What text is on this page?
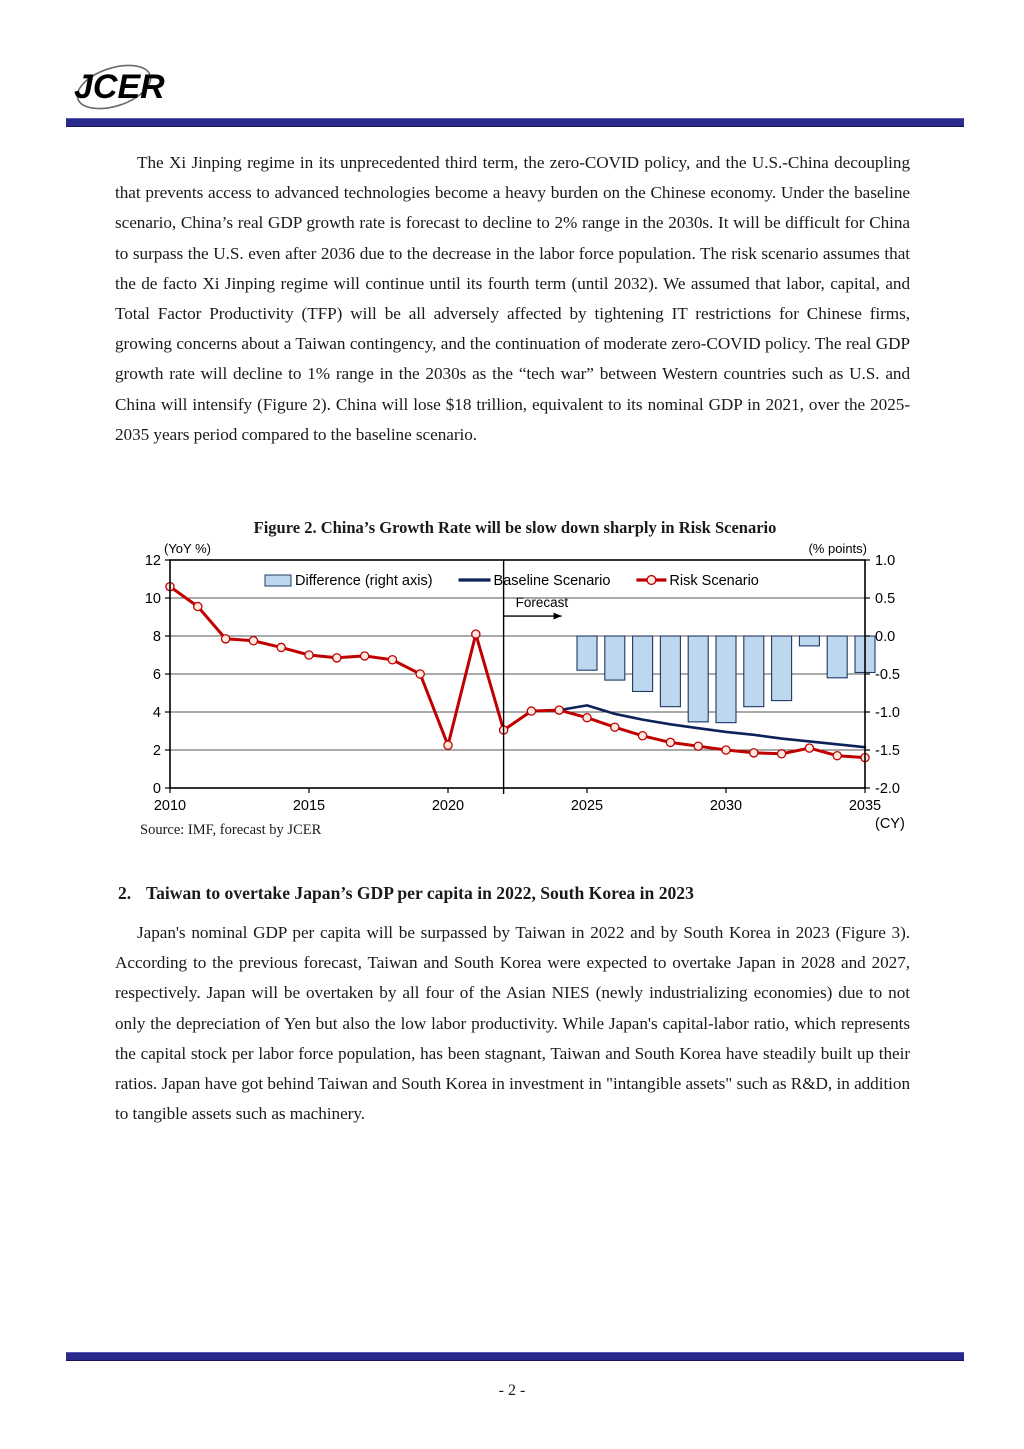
JCER

The Xi Jinping regime in its unprecedented third term, the zero-COVID policy, and the U.S.-China decoupling that prevents access to advanced technologies become a heavy burden on the Chinese economy. Under the baseline scenario, China’s real GDP growth rate is forecast to decline to 2% range in the 2030s. It will be difficult for China to surpass the U.S. even after 2036 due to the decrease in the labor force population. The risk scenario assumes that the de facto Xi Jinping regime will continue until its fourth term (until 2032). We assumed that labor, capital, and Total Factor Productivity (TFP) will be all adversely affected by tightening IT restrictions for Chinese firms, growing concerns about a Taiwan contingency, and the continuation of moderate zero-COVID policy. The real GDP growth rate will decline to 1% range in the 2030s as the “tech war” between Western countries such as U.S. and China will intensify (Figure 2). China will lose $18 trillion, equivalent to its nominal GDP in 2021, over the 2025-2035 years period compared to the baseline scenario.

Figure 2. China’s Growth Rate will be slow down sharply in Risk Scenario
(YoY %)	(% points)
Forecast
0
2
4
6
8
10
12
-2.0
-1.5
-1.0
-0.5
0.0
0.5
1.0
2010	2015	2020	2025	2030	2035
(CY)
Difference (right axis)	Baseline Scenario	Risk Scenario
Source: IMF, forecast by JCER
2. Taiwan to overtake Japan’s GDP per capita in 2022, South Korea in 2023

Japan's nominal GDP per capita will be surpassed by Taiwan in 2022 and by South Korea in 2023 (Figure 3). According to the previous forecast, Taiwan and South Korea were expected to overtake Japan in 2028 and 2027, respectively. Japan will be overtaken by all four of the Asian NIES (newly industrializing economies) due to not only the depreciation of Yen but also the low labor productivity. While Japan's capital-labor ratio, which represents the capital stock per labor force population, has been stagnant, Taiwan and South Korea have steadily built up their ratios. Japan have got behind Taiwan and South Korea in investment in "intangible assets" such as R&D, in addition to tangible assets such as machinery.

- 2 -
